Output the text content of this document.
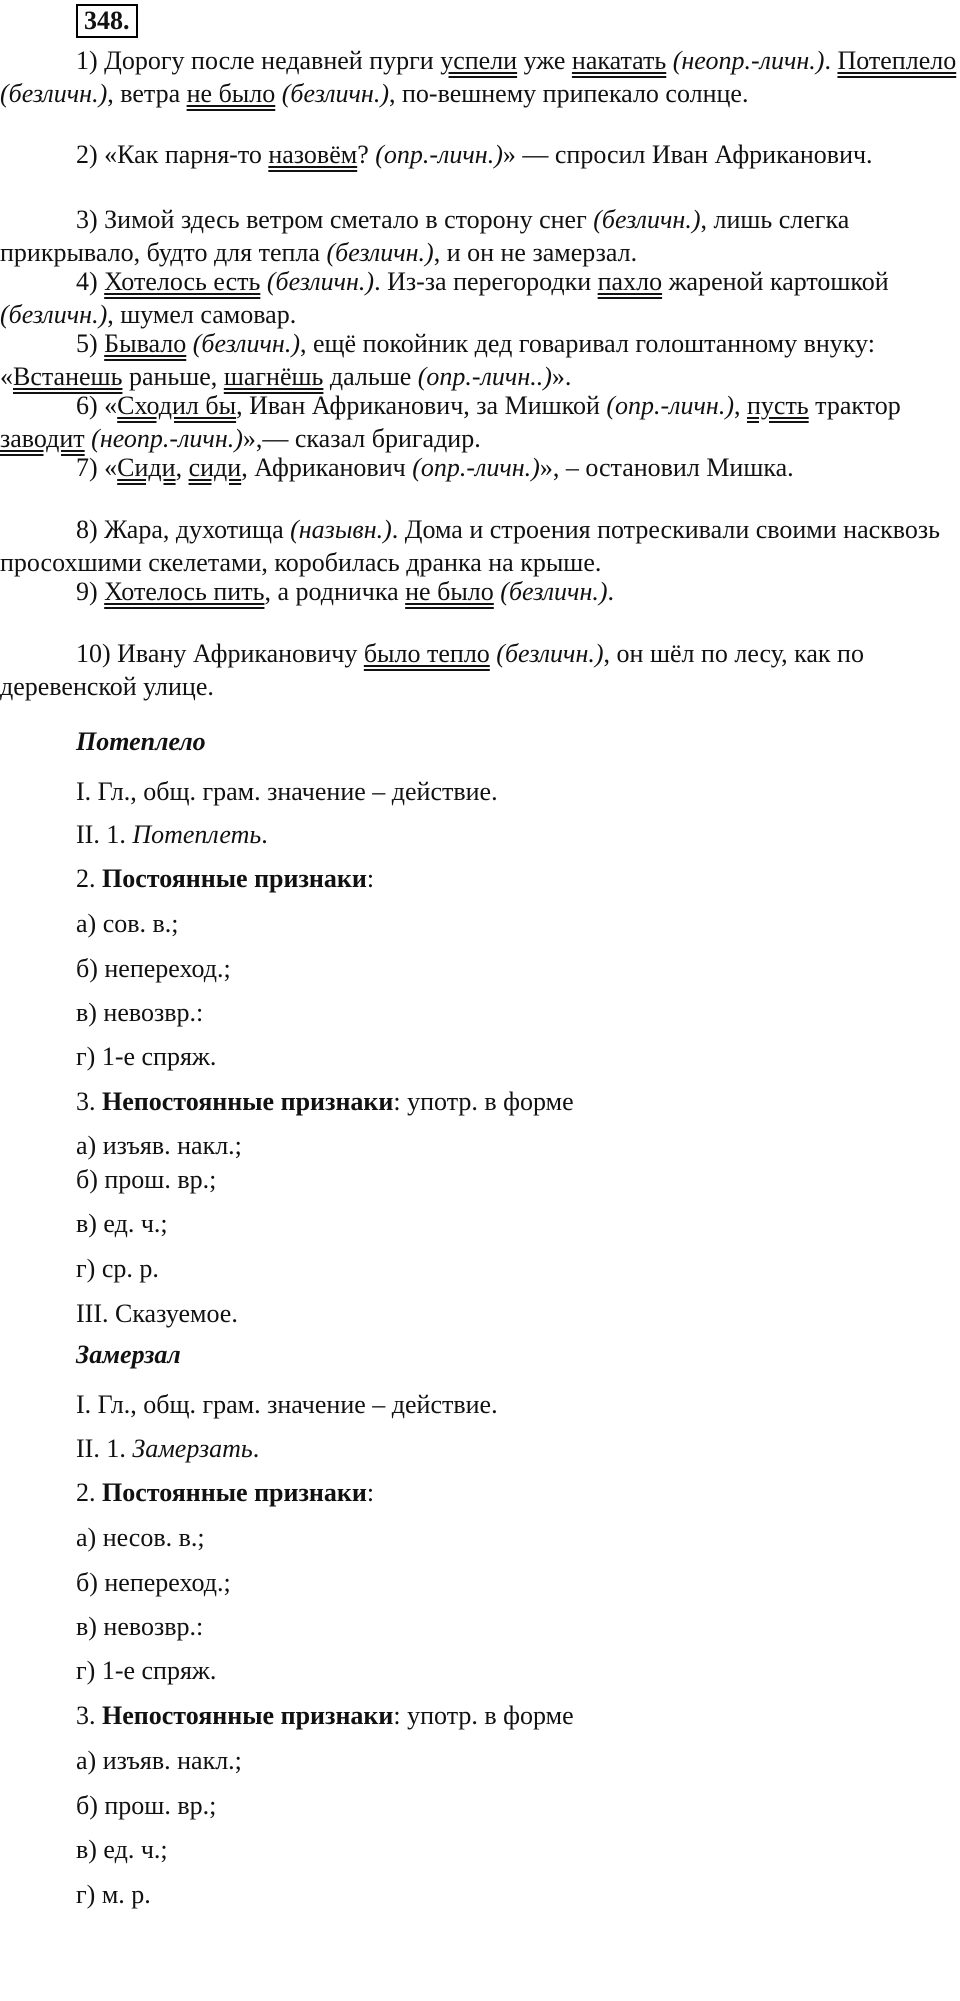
348.

1) Дорогу после недавней пурги успели уже накатать (неопр.-личн.). Потеплело (безличн.), ветра не было (безличн.), по-вешнему припекало солнце.

2) «Как парня-то назовём? (опр.-личн.)» — спросил Иван Африканович.

3) Зимой здесь ветром сметало в сторону снег (безличн.), лишь слегка прикрывало, будто для тепла (безличн.), и он не замерзал.

4) Хотелось есть (безличн.). Из-за перегородки пахло жареной картошкой (безличн.), шумел самовар.

5) Бывало (безличн.), ещё покойник дед говаривал голоштанному внуку: «Встанешь раньше, шагнёшь дальше (опр.-личн..)».

6) «Сходил бы, Иван Африканович, за Мишкой (опр.-личн.), пусть трактор заводит (неопр.-личн.)»,— сказал бригадир.

7) «Сиди, сиди, Африканович (опр.-личн.)», – остановил Мишка.

8) Жара, духотища (назывн.). Дома и строения потрескивали своими насквозь просохшими скелетами, коробилась дранка на крыше.

9) Хотелось пить, а родничка не было (безличн.).

10) Ивану Африкановичу было тепло (безличн.), он шёл по лесу, как по деревенской улице.

Потеплело
I. Гл., общ. грам. значение – действие.
II. 1. Потеплеть.
2. Постоянные признаки:
а) сов. в.;
б) непереход.;
в) невозвр.:
г) 1-е спряж.
3. Непостоянные признаки: употр. в форме
а) изъяв. накл.;
б) прош. вр.;
в) ед. ч.;
г) ср. р.
III. Сказуемое.
Замерзал
I. Гл., общ. грам. значение – действие.
II. 1. Замерзать.
2. Постоянные признаки:
а) несов. в.;
б) непереход.;
в) невозвр.:
г) 1-е спряж.
3. Непостоянные признаки: употр. в форме
а) изъяв. накл.;
б) прош. вр.;
в) ед. ч.;
г) м. р.
